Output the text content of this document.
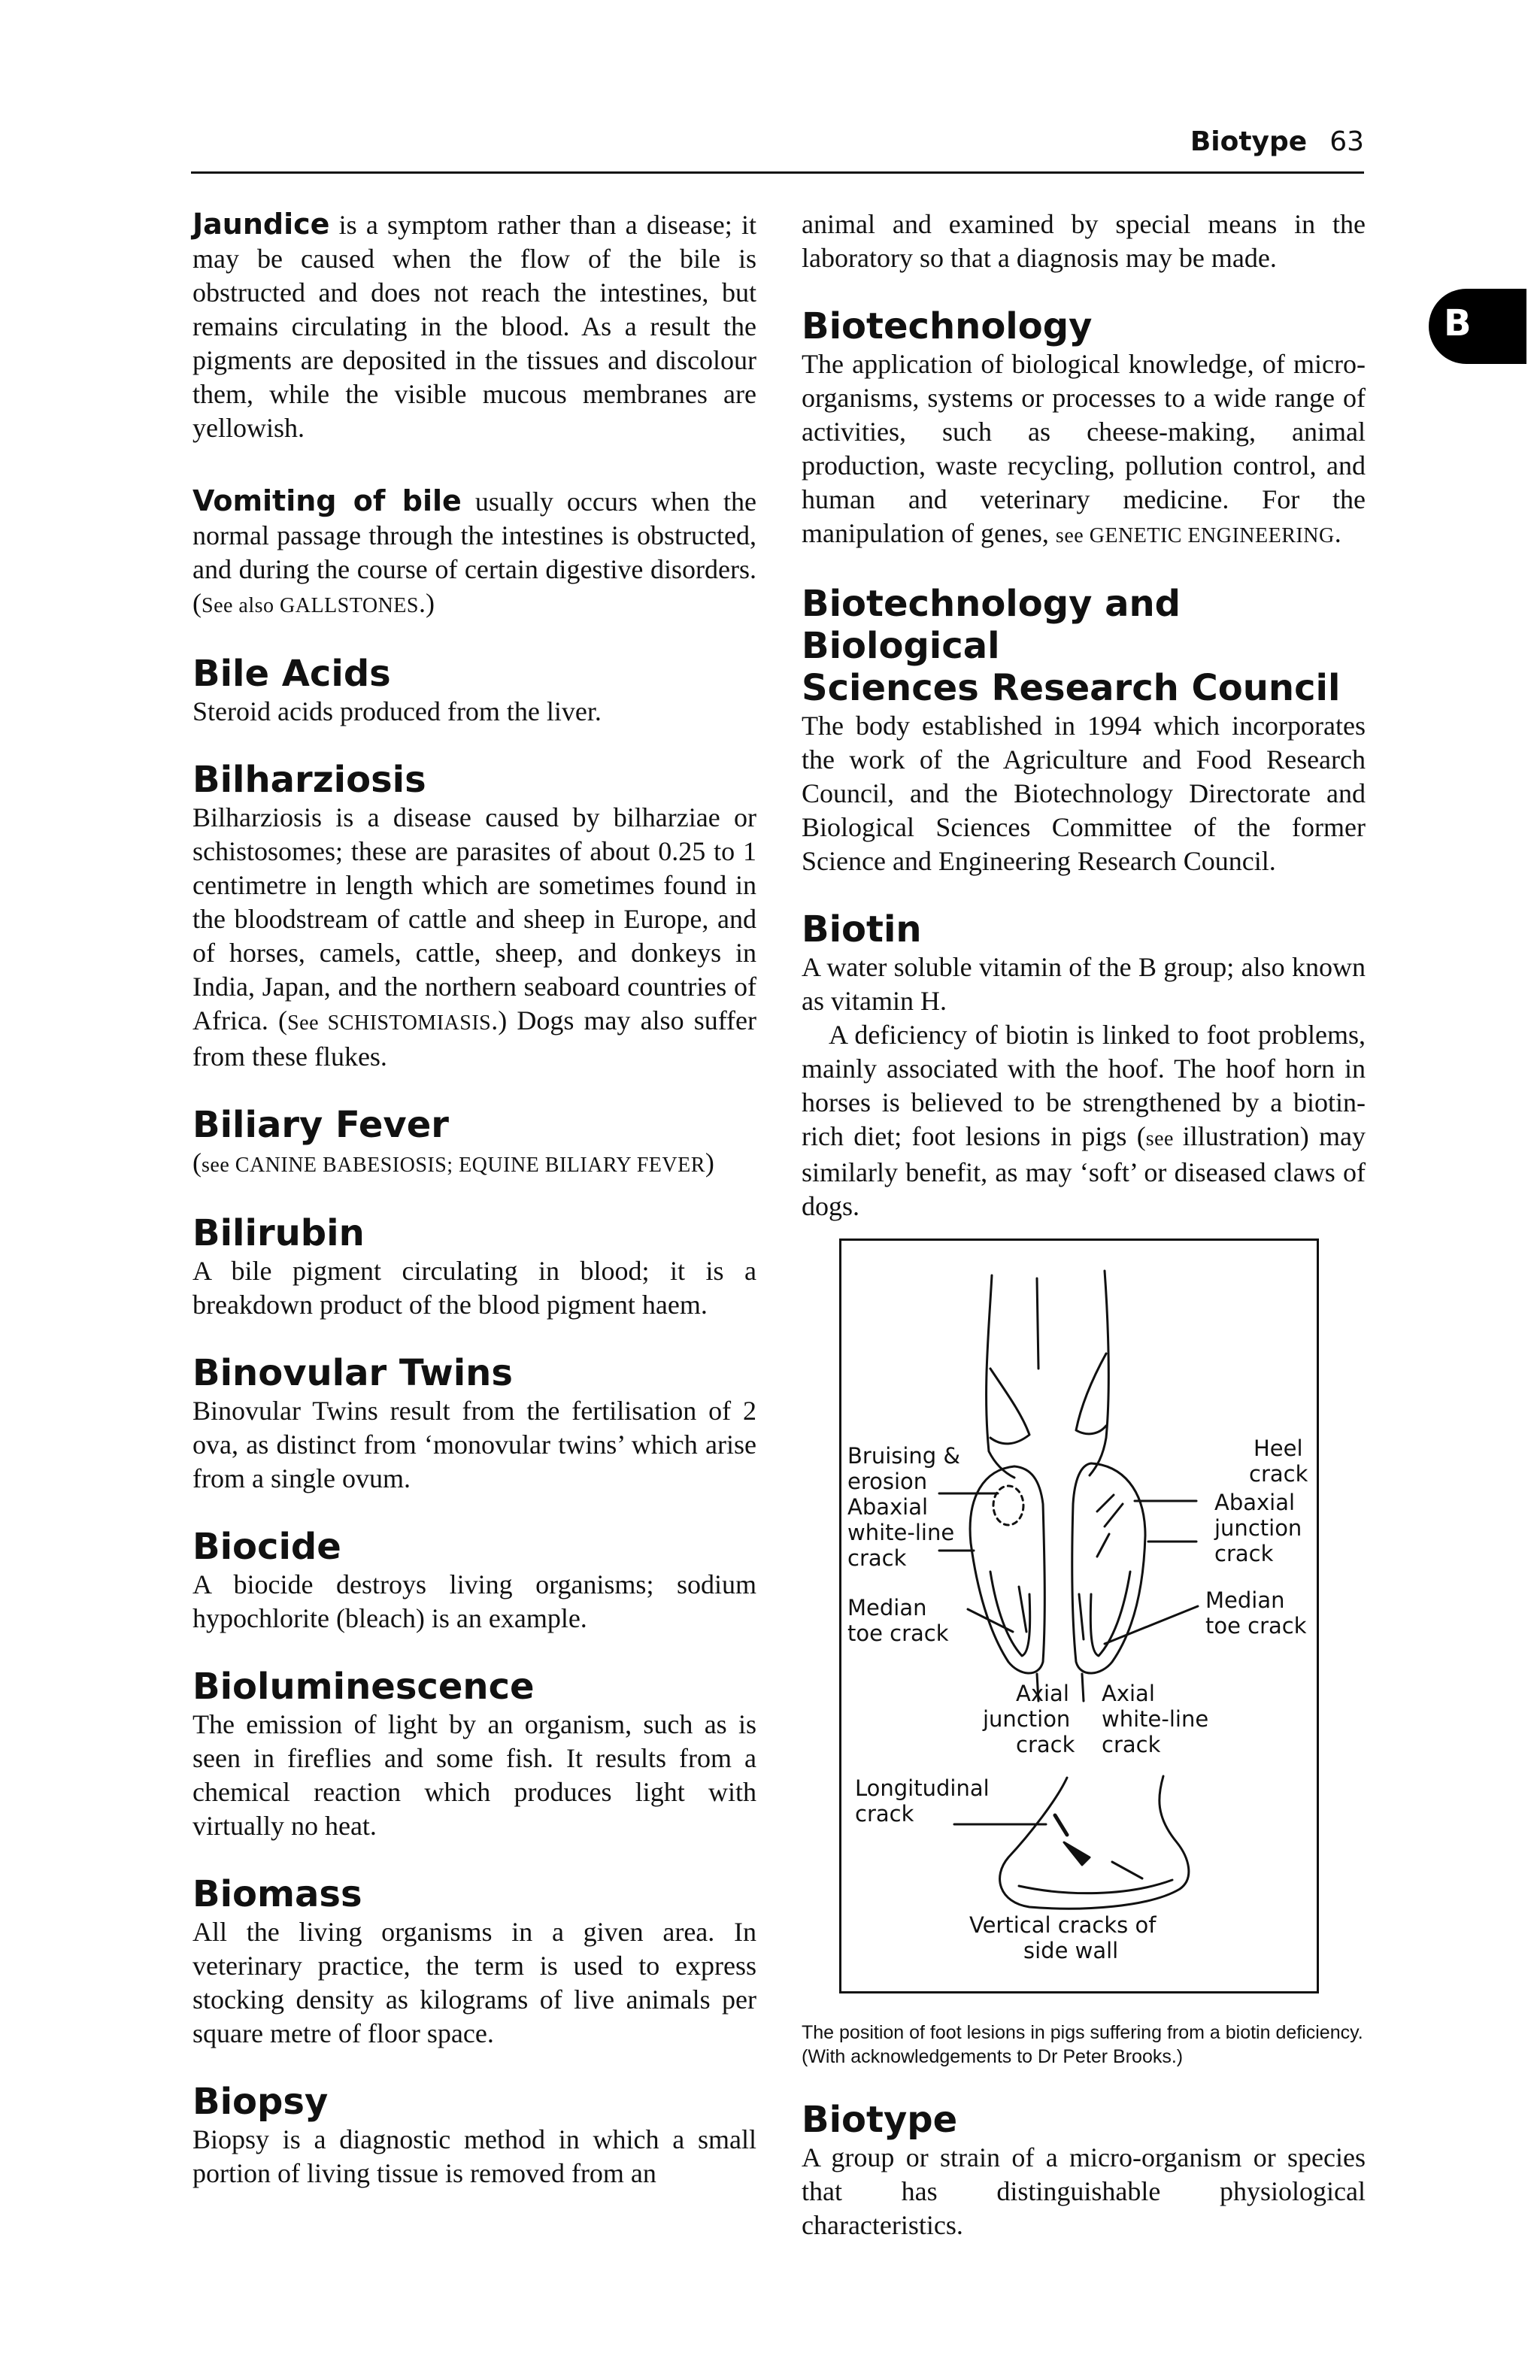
Biotype 63
B

Jaundice is a symptom rather than a disease; it may be caused when the flow of the bile is obstructed and does not reach the intestines, but remains circulating in the blood. As a result the pigments are deposited in the tissues and discolour them, while the visible mucous membranes are yellowish.

Vomiting of bile usually occurs when the normal passage through the intestines is obstructed, and during the course of certain digestive disorders. (See also GALLSTONES.)

Bile Acids

Steroid acids produced from the liver.

Bilharziosis

Bilharziosis is a disease caused by bilharziae or schistosomes; these are parasites of about 0.25 to 1 centimetre in length which are sometimes found in the bloodstream of cattle and sheep in Europe, and of horses, camels, cattle, sheep, and donkeys in India, Japan, and the northern seaboard countries of Africa. (See SCHISTOMIASIS.) Dogs may also suffer from these flukes.

Biliary Fever

(see CANINE BABESIOSIS; EQUINE BILIARY FEVER)

Bilirubin

A bile pigment circulating in blood; it is a breakdown product of the blood pigment haem.

Binovular Twins

Binovular Twins result from the fertilisation of 2 ova, as distinct from ‘monovular twins’ which arise from a single ovum.

Biocide

A biocide destroys living organisms; sodium hypochlorite (bleach) is an example.

Bioluminescence

The emission of light by an organism, such as is seen in fireflies and some fish. It results from a chemical reaction which produces light with virtually no heat.

Biomass

All the living organisms in a given area. In veterinary practice, the term is used to express stocking density as kilograms of live animals per square metre of floor space.

Biopsy

Biopsy is a diagnostic method in which a small portion of living tissue is removed from an

animal and examined by special means in the laboratory so that a diagnosis may be made.

Biotechnology

The application of biological knowledge, of micro-organisms, systems or processes to a wide range of activities, such as cheese-making, animal production, waste recycling, pollution control, and human and veterinary medicine. For the manipulation of genes, see GENETIC ENGINEERING.

Biotechnology and Biological
Sciences Research Council

The body established in 1994 which incorporates the work of the Agriculture and Food Research Council, and the Biotechnology Directorate and Biological Sciences Committee of the former Science and Engineering Research Council.

Biotin

A water soluble vitamin of the B group; also known as vitamin H.

A deficiency of biotin is linked to foot problems, mainly associated with the hoof. The hoof horn in horses is believed to be strengthened by a biotin-rich diet; foot lesions in pigs (see illustration) may similarly benefit, as may ‘soft’ or diseased claws of dogs.

Bruising &
erosion
Abaxial
white-line
crack
Median
toe crack
Heel
crack
Abaxial
junction
crack
Median
toe crack
Axial
junction
crack
Axial
white-line
crack
Longitudinal
crack
Vertical cracks of
side wall

The position of foot lesions in pigs suffering from a biotin deficiency. (With acknowledgements to Dr Peter Brooks.)

Biotype

A group or strain of a micro-organism or species that has distinguishable physiological characteristics.
